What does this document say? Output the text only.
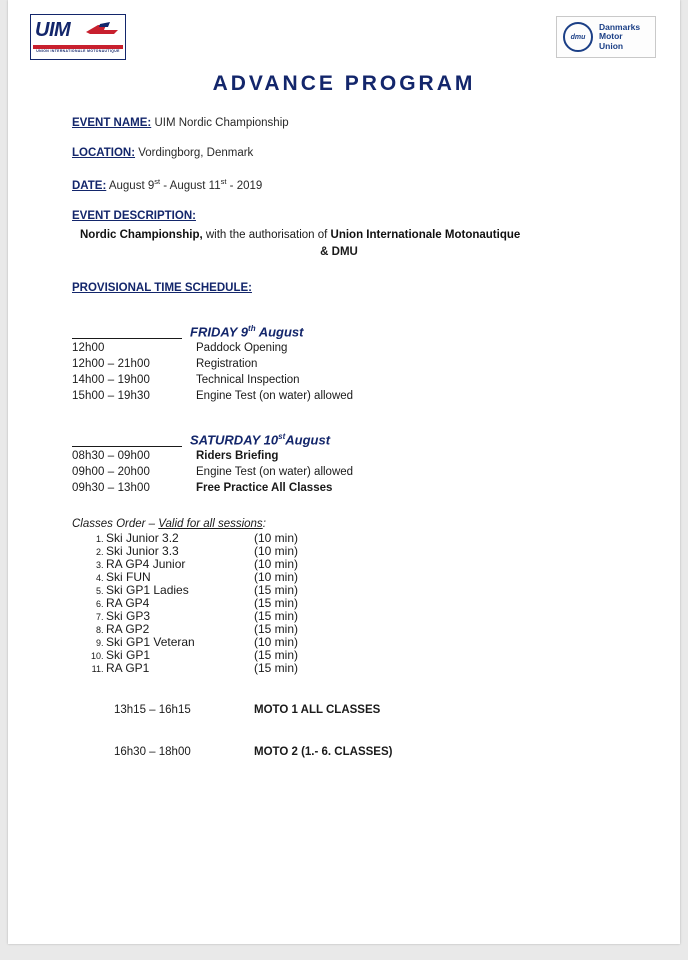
UIM
UNION INTERNATIONALE MOTONAUTIQUE
dmu
Danmarks
Motor
Union
ADVANCE PROGRAM
EVENT NAME: UIM Nordic Championship
LOCATION: Vordingborg, Denmark
DATE: August 9st - August 11st - 2019
EVENT DESCRIPTION:
Nordic Championship, with the authorisation of Union Internationale Motonautique
& DMU
PROVISIONAL TIME SCHEDULE:
FRIDAY 9th August
12h00	Paddock Opening
12h00 – 21h00	Registration
14h00 – 19h00	Technical Inspection
15h00 – 19h30	Engine Test (on water) allowed
SATURDAY 10stAugust
08h30 – 09h00	Riders Briefing
09h00 – 20h00	Engine Test (on water) allowed
09h30 – 13h00	Free Practice All Classes
Classes Order – Valid for all sessions:
1. Ski Junior 3.2	(10 min)
2. Ski Junior 3.3	(10 min)
3. RA GP4 Junior	(10 min)
4. Ski FUN	(10 min)
5. Ski GP1 Ladies	(15 min)
6. RA GP4	(15 min)
7. Ski GP3	(15 min)
8. RA GP2	(15 min)
9. Ski GP1 Veteran	(10 min)
10. Ski GP1	(15 min)
11. RA GP1	(15 min)
13h15 – 16h15	MOTO 1 ALL CLASSES
16h30 – 18h00	MOTO 2 (1.- 6. CLASSES)
